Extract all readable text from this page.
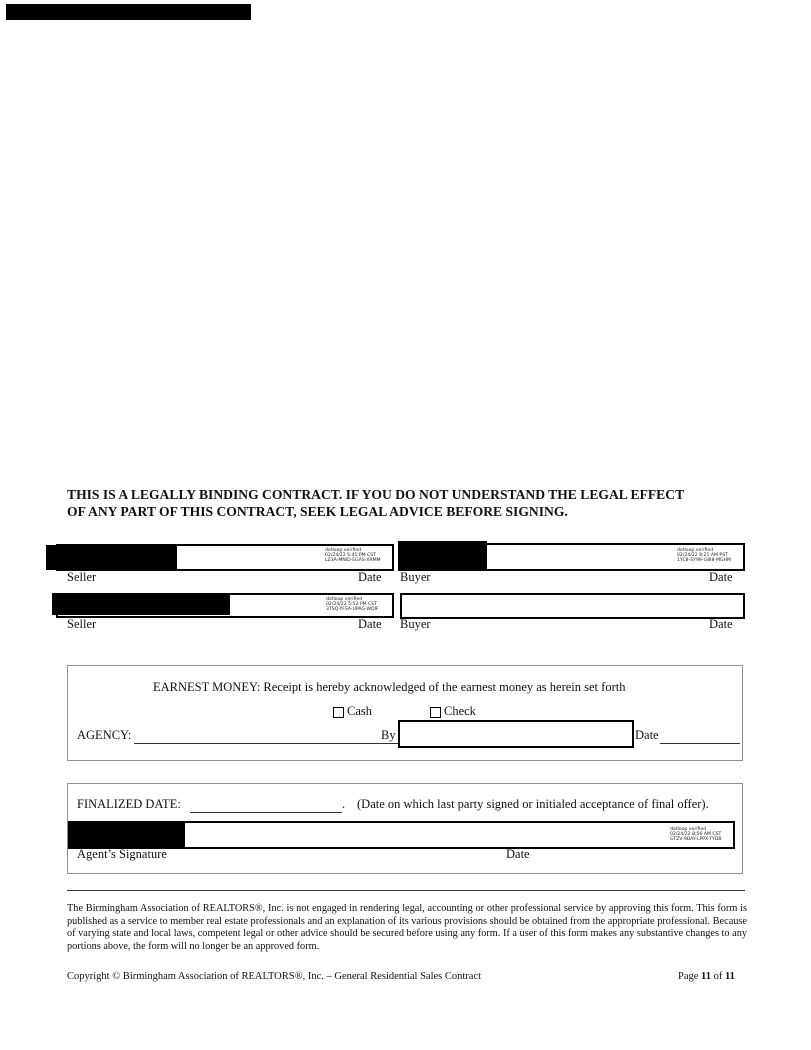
THIS IS A LEGALLY BINDING CONTRACT. IF YOU DO NOT UNDERSTAND THE LEGAL EFFECT
OF ANY PART OF THIS CONTRACT, SEEK LEGAL ADVICE BEFORE SIGNING.
dotloop verified
02/24/22 5:41 PM CST
LZ3A-MNID-EGAS-XRMM
Seller	Date
dotloop verified
02/24/22 8:21 AM PST
1YC8-SY99-G8I8-MGHM
Buyer	Date
dotloop verified
02/24/22 5:52 PM CST
3TSQ-YFSA-UPAG-WQIF
Seller	Date Buyer	Date
EARNEST MONEY: Receipt is hereby acknowledged of the earnest money as herein set forth
Cash	Check
AGENCY:	By	Date
FINALIZED DATE:	. (Date on which last party signed or initialed acceptance of final offer).
dotloop verified
02/24/22 8:56 AM CST
GTZV-9DAY-LPPX-TYDB
Agent’s Signature	Date
The Birmingham Association of REALTORS®, Inc. is not engaged in rendering legal, accounting or other professional service by approving this form. This form is published as a service to member real estate professionals and an explanation of its various provisions should be obtained from the appropriate professional. Because of varying state and local laws, competent legal or other advice should be secured before using any form. If a user of this form makes any substantive changes to any portions above, the form will no longer be an approved form.
Copyright © Birmingham Association of REALTORS®, Inc. – General Residential Sales Contract	Page 11 of 11
